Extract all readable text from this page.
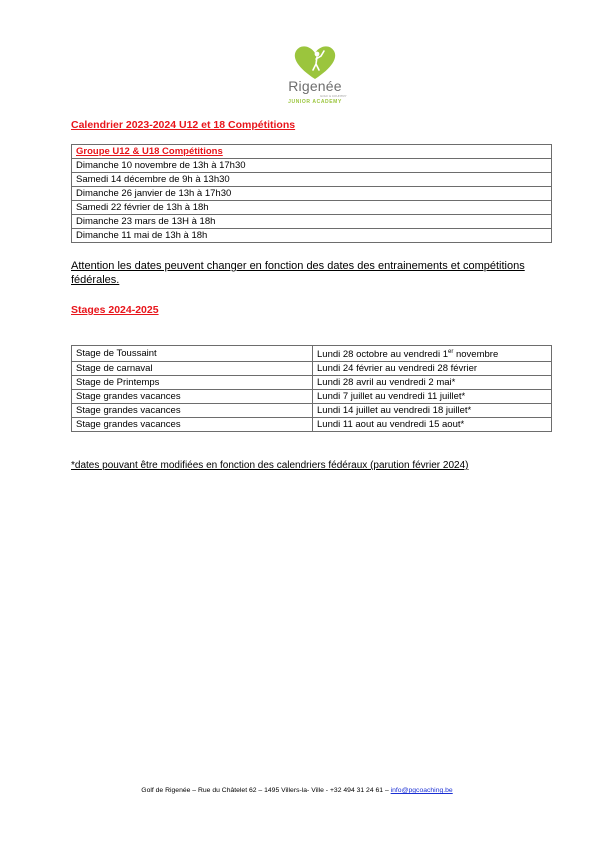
Rigenée
GOLF & COUNTRY
JUNIOR ACADEMY
Calendrier 2023-2024 U12 et 18 Compétitions
Groupe U12 & U18 Compétitions
Dimanche 10 novembre de 13h à 17h30
Samedi 14 décembre de 9h à 13h30
Dimanche 26 janvier de 13h à 17h30
Samedi 22 février de 13h à 18h
Dimanche 23 mars de 13H à 18h
Dimanche 11 mai de 13h à 18h
Attention les dates peuvent changer en fonction des dates des entrainements et compétitions fédérales.
Stages 2024-2025
Stage de Toussaint	Lundi 28 octobre au vendredi 1er novembre
Stage de carnaval	Lundi 24 février au vendredi 28 février
Stage de Printemps	Lundi 28 avril au vendredi 2 mai*
Stage grandes vacances	Lundi 7 juillet au vendredi 11 juillet*
Stage grandes vacances	Lundi 14 juillet au vendredi 18 juillet*
Stage grandes vacances	Lundi 11 aout au vendredi 15 aout*
*dates pouvant être modifiées en fonction des calendriers fédéraux (parution février 2024)
Golf de Rigenée – Rue du Châtelet 62 – 1495 Villers-la- Ville - +32 494 31 24 61 – info@pgcoaching.be
